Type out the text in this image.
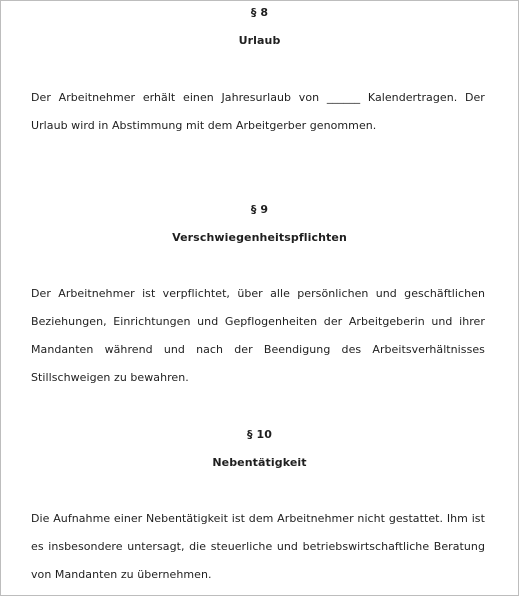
§ 8
Urlaub
Der Arbeitnehmer erhält einen Jahresurlaub von ______ Kalendertragen. Der
Urlaub wird in Abstimmung mit dem Arbeitgerber genommen.
§ 9
Verschwiegenheitspflichten
Der Arbeitnehmer ist verpflichtet, über alle persönlichen und geschäftlichen
Beziehungen, Einrichtungen und Gepflogenheiten der Arbeitgeberin und ihrer
Mandanten während und nach der Beendigung des Arbeitsverhältnisses
Stillschweigen zu bewahren.
§ 10
Nebentätigkeit
Die Aufnahme einer Nebentätigkeit ist dem Arbeitnehmer nicht gestattet. Ihm ist
es insbesondere untersagt, die steuerliche und betriebswirtschaftliche Beratung
von Mandanten zu übernehmen.
